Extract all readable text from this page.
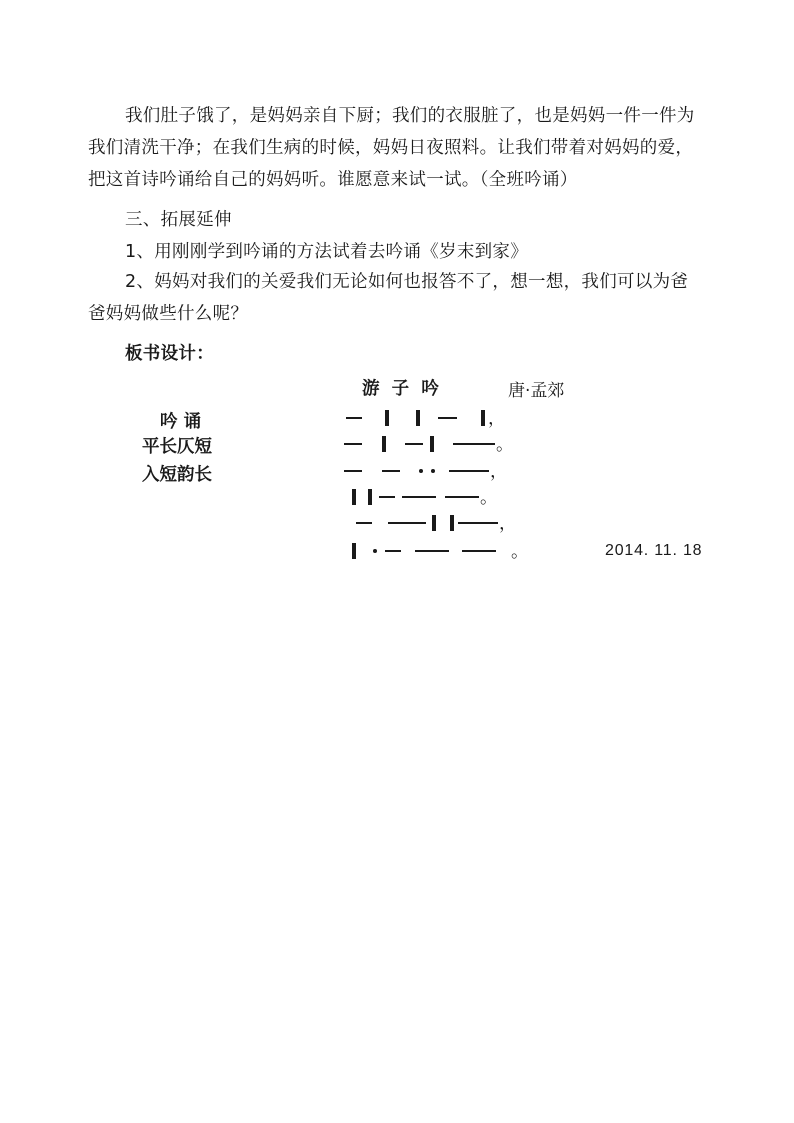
我们肚子饿了，是妈妈亲自下厨；我们的衣服脏了，也是妈妈一件一件为我们清洗干净；在我们生病的时候，妈妈日夜照料。让我们带着对妈妈的爱，把这首诗吟诵给自己的妈妈听。谁愿意来试一试。（全班吟诵）

三、拓展延伸
1、用刚刚学到吟诵的方法试着去吟诵《岁末到家》

2、妈妈对我们的关爱我们无论如何也报答不了，想一想，我们可以为爸爸妈妈做些什么呢？

板书设计：
游  子  吟	唐·孟郊
吟 诵
平长仄短
入短韵长
，
。
，
。
，
。	2014. 11. 18
